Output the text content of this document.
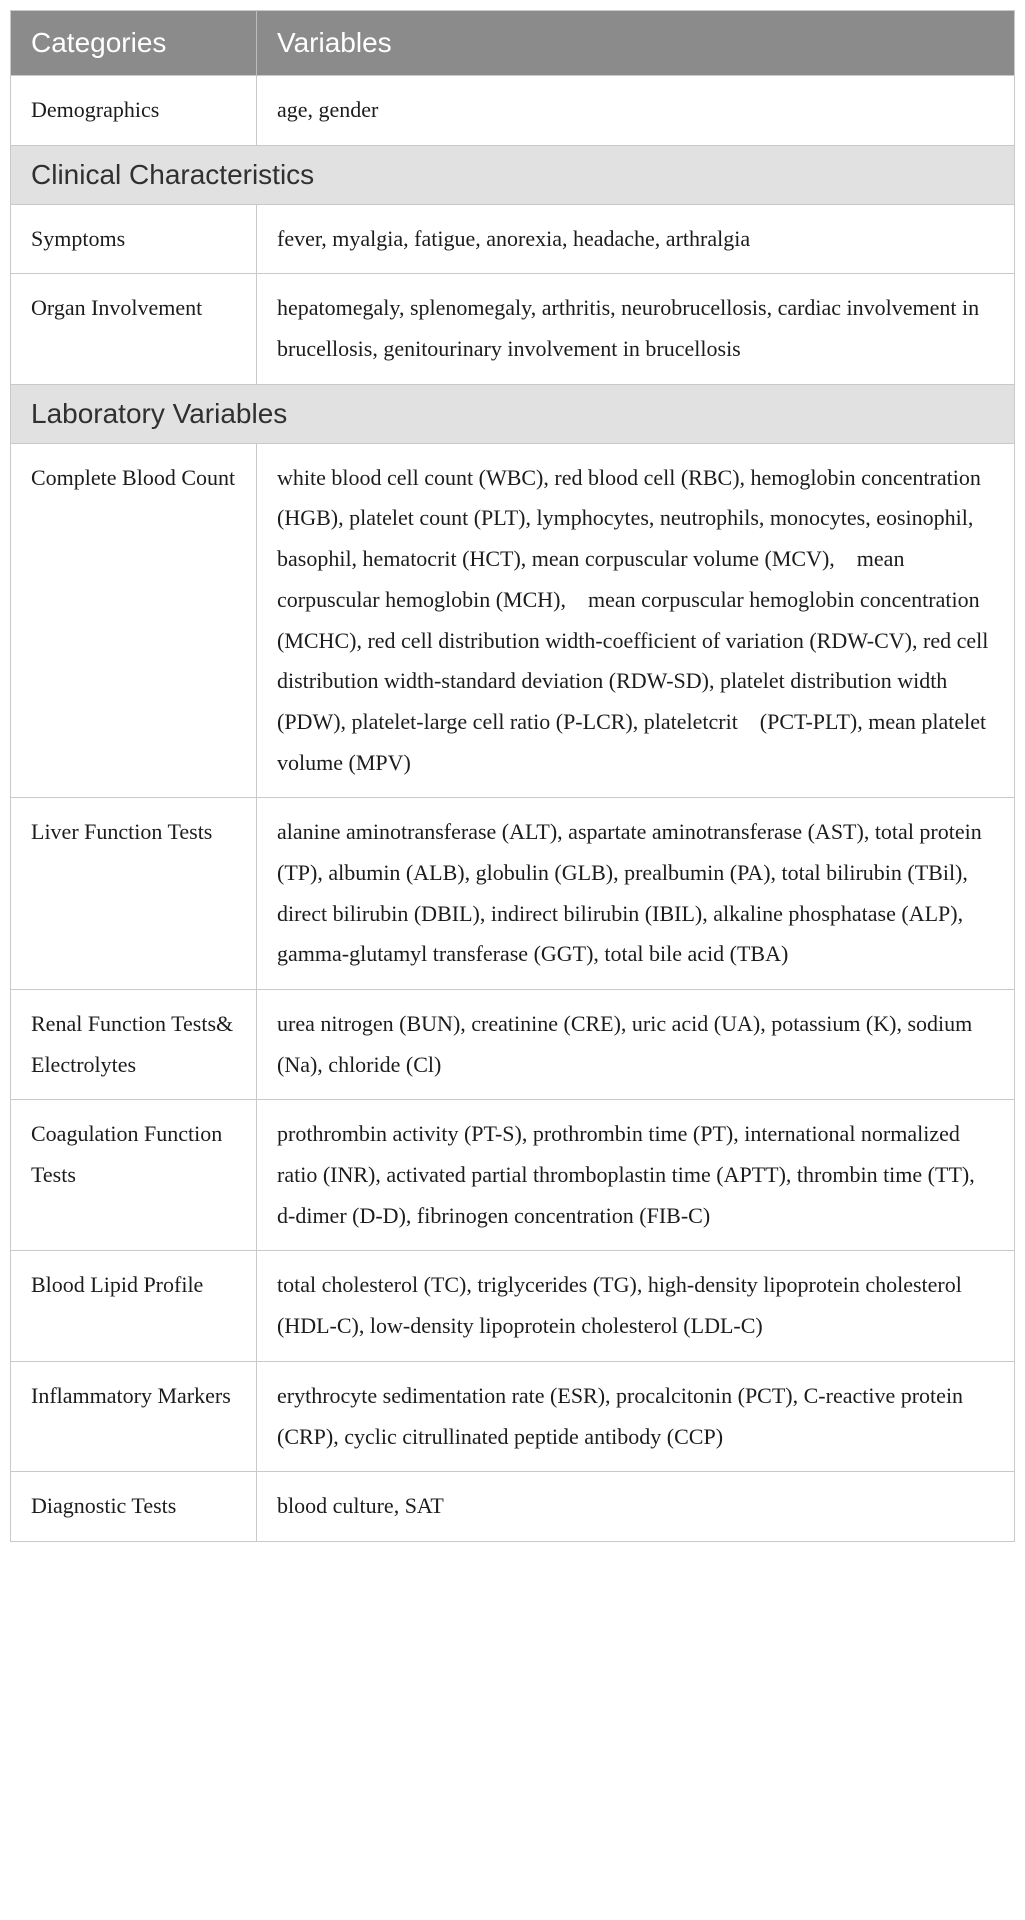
Categories	Variables
Demographics	age, gender
Clinical Characteristics	
Symptoms	fever, myalgia, fatigue, anorexia, headache, arthralgia
Organ Involvement	hepatomegaly, splenomegaly, arthritis, neurobrucellosis, cardiac involvement in brucellosis, genitourinary involvement in brucellosis
Laboratory Variables	
Complete Blood Count	white blood cell count (WBC), red blood cell (RBC), hemoglobin concentration (HGB), platelet count (PLT), lymphocytes, neutrophils, monocytes, eosinophil, basophil, hematocrit (HCT), mean corpuscular volume (MCV),    mean corpuscular hemoglobin (MCH),    mean corpuscular hemoglobin concentration (MCHC), red cell distribution width-coefficient of variation (RDW-CV), red cell distribution width-standard deviation (RDW-SD), platelet distribution width (PDW), platelet-large cell ratio (P-LCR), plateletcrit    (PCT-PLT), mean platelet volume (MPV)
Liver Function Tests	alanine aminotransferase (ALT), aspartate aminotransferase (AST), total protein (TP), albumin (ALB), globulin (GLB), prealbumin (PA), total bilirubin (TBil), direct bilirubin (DBIL), indirect bilirubin (IBIL), alkaline phosphatase (ALP), gamma-glutamyl transferase (GGT), total bile acid (TBA)
Renal Function Tests& Electrolytes	urea nitrogen (BUN), creatinine (CRE), uric acid (UA), potassium (K), sodium (Na), chloride (Cl)
Coagulation Function Tests	prothrombin activity (PT-S), prothrombin time (PT), international normalized ratio (INR), activated partial thromboplastin time (APTT), thrombin time (TT), d-dimer (D-D), fibrinogen concentration (FIB-C)
Blood Lipid Profile	total cholesterol (TC), triglycerides (TG), high-density lipoprotein cholesterol (HDL-C), low-density lipoprotein cholesterol (LDL-C)
Inflammatory Markers	erythrocyte sedimentation rate (ESR), procalcitonin (PCT), C-reactive protein (CRP), cyclic citrullinated peptide antibody (CCP)
Diagnostic Tests	blood culture, SAT
